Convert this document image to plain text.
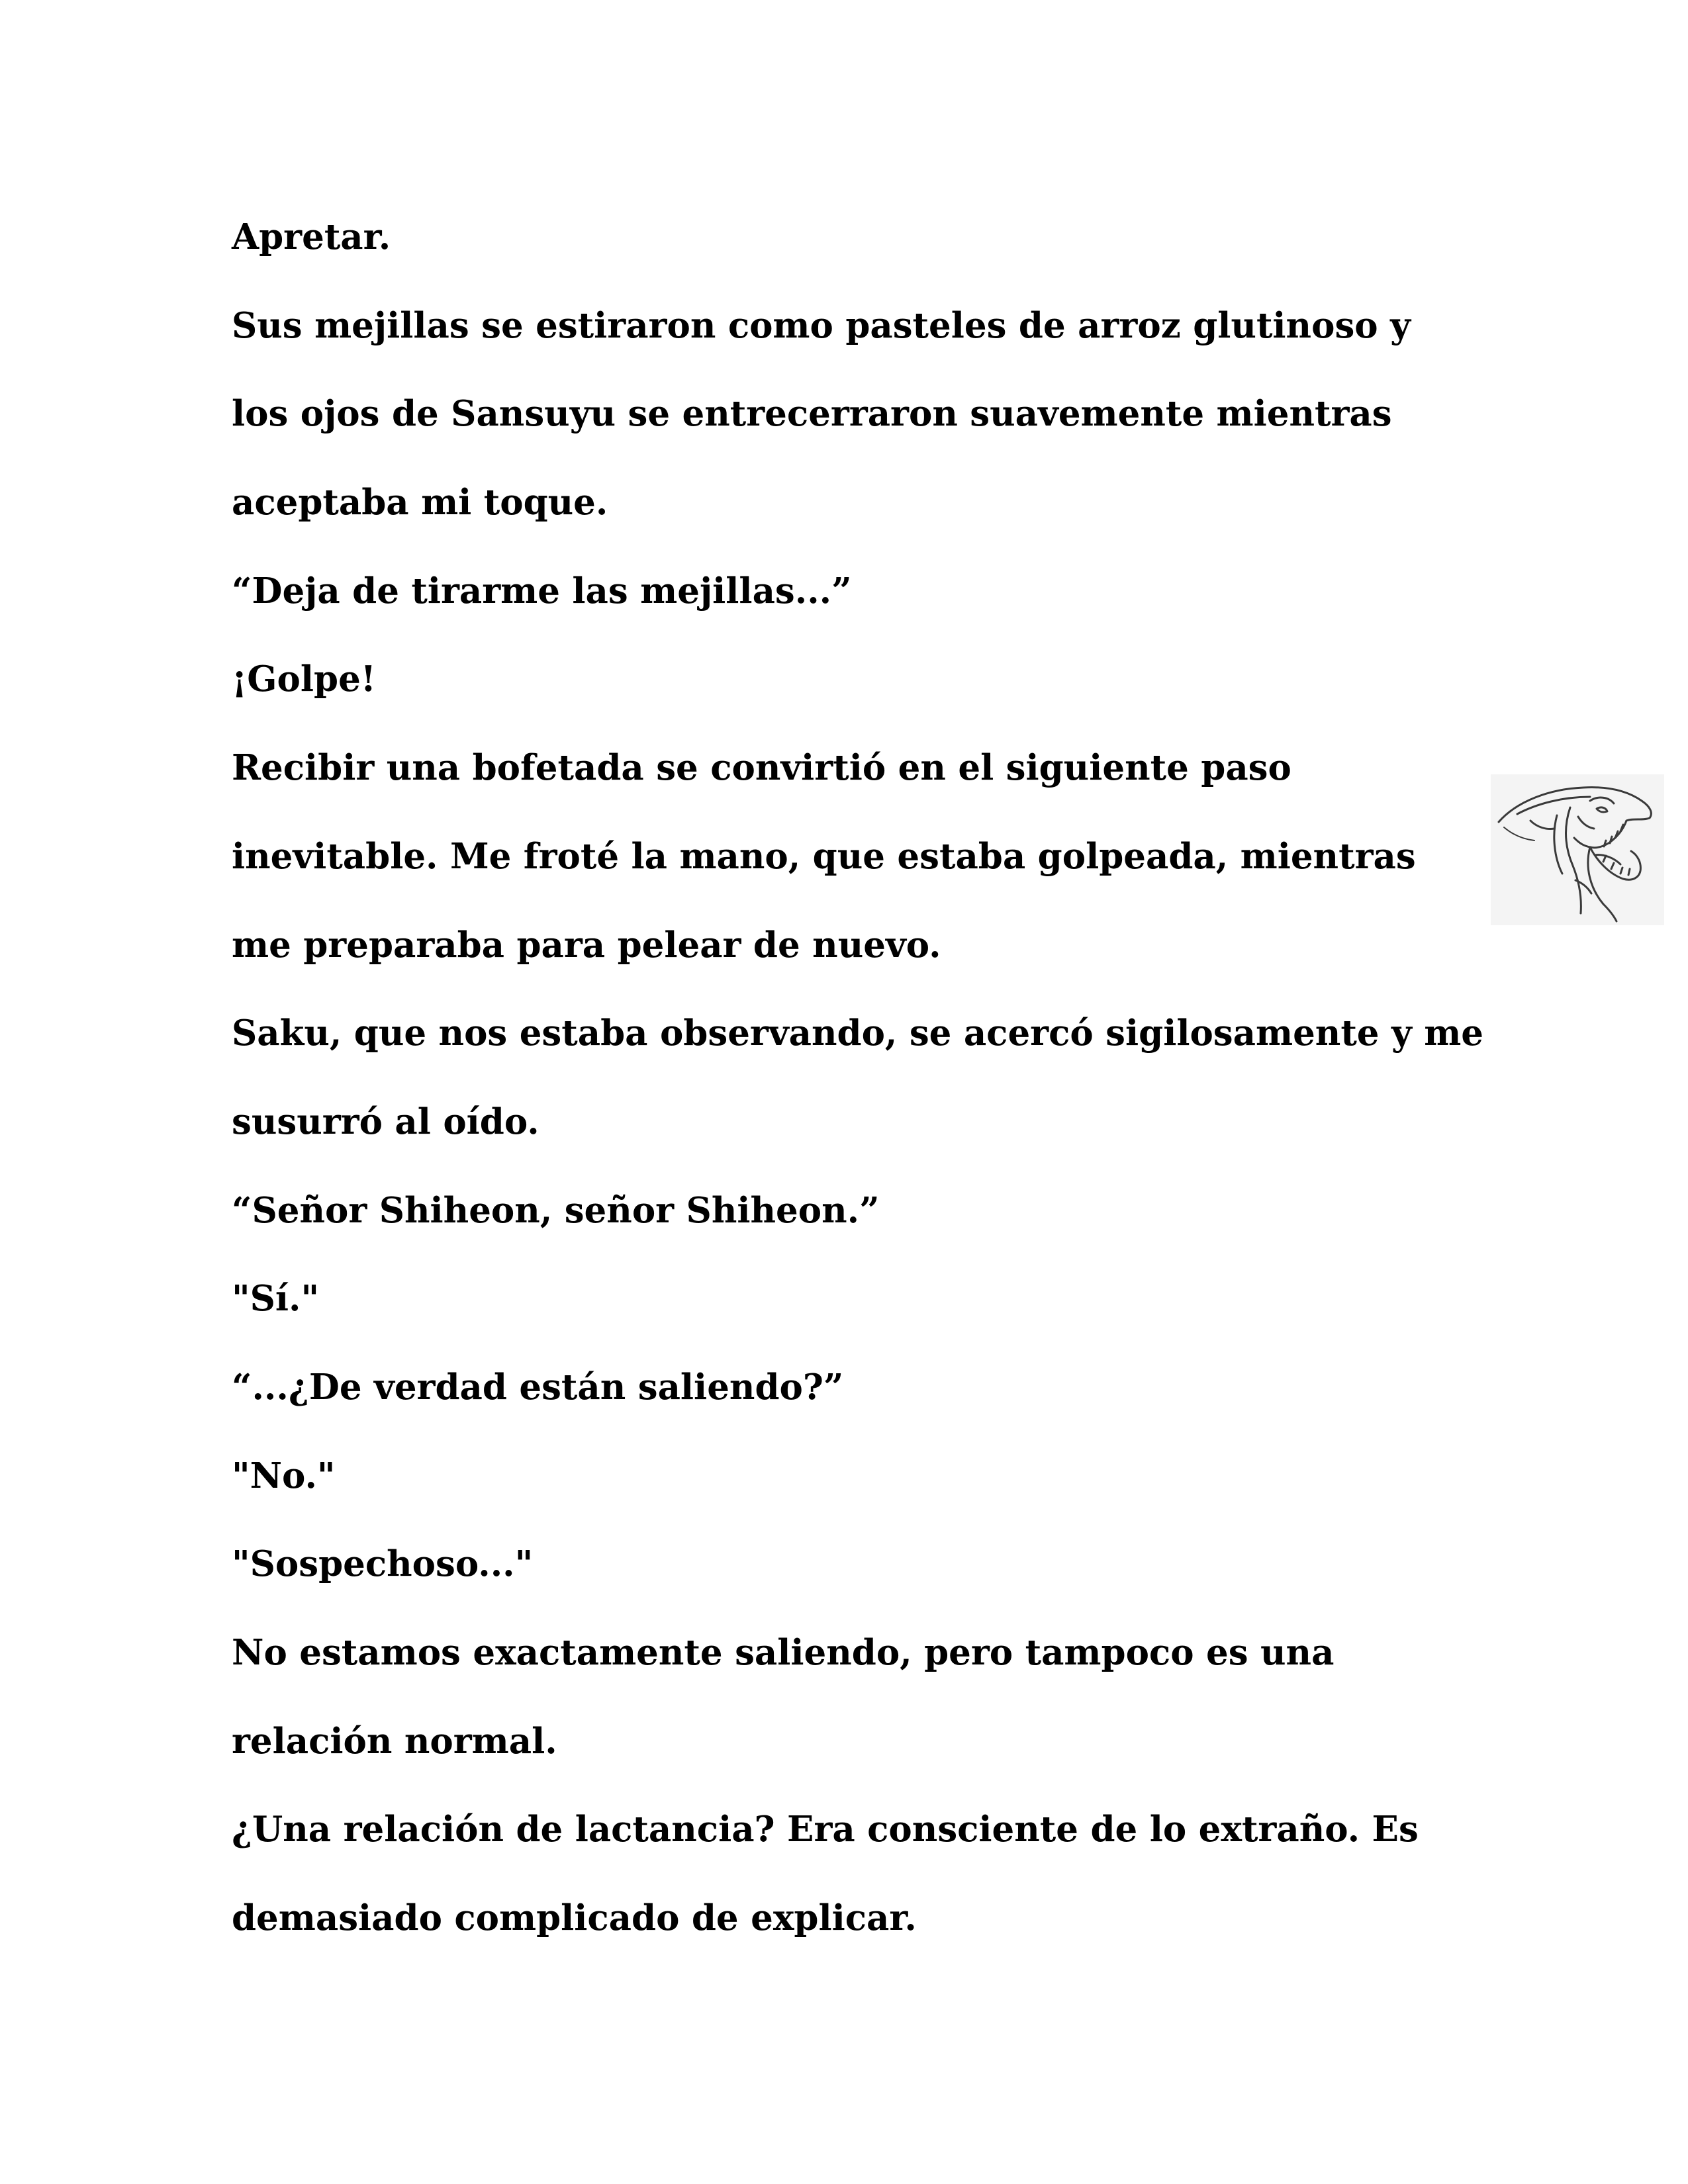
Apretar.

Sus mejillas se estiraron como pasteles de arroz glutinoso y

los ojos de Sansuyu se entrecerraron suavemente mientras

aceptaba mi toque.

“Deja de tirarme las mejillas...”

¡Golpe!

Recibir una bofetada se convirtió en el siguiente paso

inevitable. Me froté la mano, que estaba golpeada, mientras

me preparaba para pelear de nuevo.

Saku, que nos estaba observando, se acercó sigilosamente y me

susurró al oído.

“Señor Shiheon, señor Shiheon.”

"Sí."

“...¿De verdad están saliendo?”

"No."

"Sospechoso..."

No estamos exactamente saliendo, pero tampoco es una

relación normal.

¿Una relación de lactancia? Era consciente de lo extraño. Es

demasiado complicado de explicar.
